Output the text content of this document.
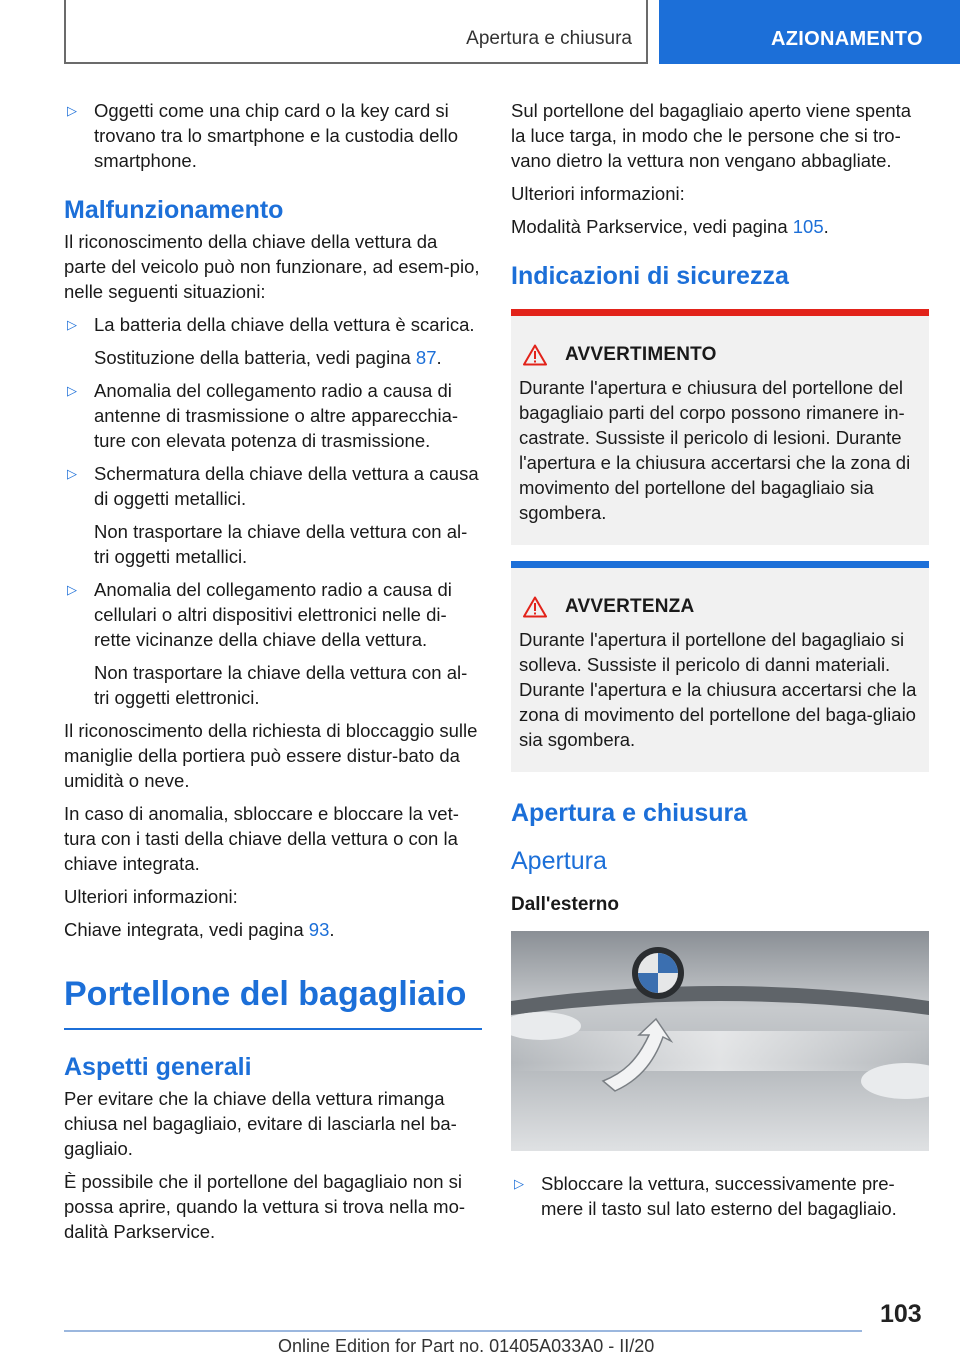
Apertura e chiusura	AZIONAMENTO
▷ Oggetti come una chip card o la key card si trovano tra lo smartphone e la custodia dello smartphone.
Malfunzionamento

Il riconoscimento della chiave della vettura da parte del veicolo può non funzionare, ad esem-pio, nelle seguenti situazioni:

▷ La batteria della chiave della vettura è scarica.
Sostituzione della batteria, vedi pagina 87.
▷ Anomalia del collegamento radio a causa di antenne di trasmissione o altre apparecchia-ture con elevata potenza di trasmissione.
▷ Schermatura della chiave della vettura a causa di oggetti metallici.
Non trasportare la chiave della vettura con al-tri oggetti metallici.
▷ Anomalia del collegamento radio a causa di cellulari o altri dispositivi elettronici nelle di-rette vicinanze della chiave della vettura.
Non trasportare la chiave della vettura con al-tri oggetti elettronici.

Il riconoscimento della richiesta di bloccaggio sulle maniglie della portiera può essere distur-bato da umidità o neve.

In caso di anomalia, sbloccare e bloccare la vet-tura con i tasti della chiave della vettura o con la chiave integrata.

Ulteriori informazioni:

Chiave integrata, vedi pagina 93.

Portellone del bagagliaio
Aspetti generali

Per evitare che la chiave della vettura rimanga chiusa nel bagagliaio, evitare di lasciarla nel ba-gagliaio.

È possibile che il portellone del bagagliaio non si possa aprire, quando la vettura si trova nella mo-dalità Parkservice.

Sul portellone del bagagliaio aperto viene spenta la luce targa, in modo che le persone che si tro-vano dietro la vettura non vengano abbagliate.

Ulteriori informazioni:

Modalità Parkservice, vedi pagina 105.

Indicazioni di sicurezza
AVVERTIMENTO
Durante l'apertura e chiusura del portellone del bagagliaio parti del corpo possono rimanere in-castrate. Sussiste il pericolo di lesioni. Durante l'apertura e la chiusura accertarsi che la zona di movimento del portellone del bagagliaio sia sgombera.
AVVERTENZA
Durante l'apertura il portellone del bagagliaio si solleva. Sussiste il pericolo di danni materiali. Durante l'apertura e la chiusura accertarsi che la zona di movimento del portellone del baga-gliaio sia sgombera.
Apertura e chiusura
Apertura
Dall'esterno
▷ Sbloccare la vettura, successivamente pre-mere il tasto sul lato esterno del bagagliaio.
103
Online Edition for Part no. 01405A033A0 - II/20
